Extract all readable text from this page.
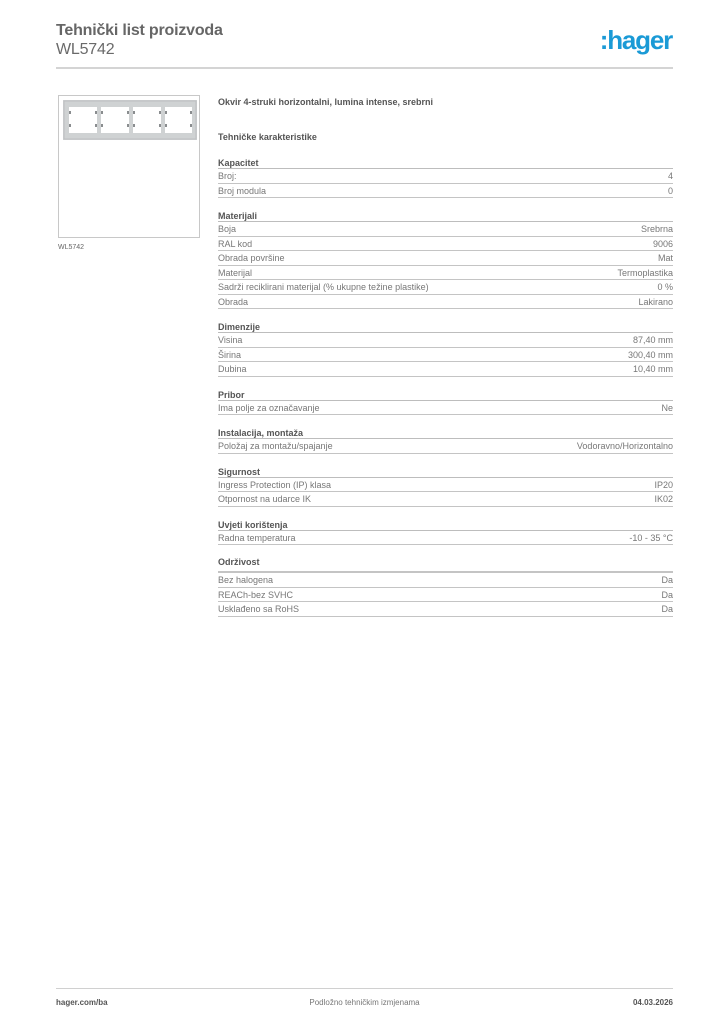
Tehnički list proizvoda
WL5742	:hager
WL5742
Okvir 4-struki horizontalni, lumina intense, srebrni
Tehničke karakteristike
Kapacitet
Broj:	4
Broj modula	0
Materijali
Boja	Srebrna
RAL kod	9006
Obrada površine	Mat
Materijal	Termoplastika
Sadrži reciklirani materijal (% ukupne težine plastike)	0 %
Obrada	Lakirano
Dimenzije
Visina	87,40 mm
Širina	300,40 mm
Dubina	10,40 mm
Pribor
Ima polje za označavanje	Ne
Instalacija, montaža
Položaj za montažu/spajanje	Vodoravno/Horizontalno
Sigurnost
Ingress Protection (IP) klasa	IP20
Otpornost na udarce IK	IK02
Uvjeti korištenja
Radna temperatura	-10 - 35 °C
Održivost
Bez halogena	Da
REACh-bez SVHC	Da
Usklađeno sa RoHS	Da
hager.com/ba	Podložno tehničkim izmjenama	04.03.2026
